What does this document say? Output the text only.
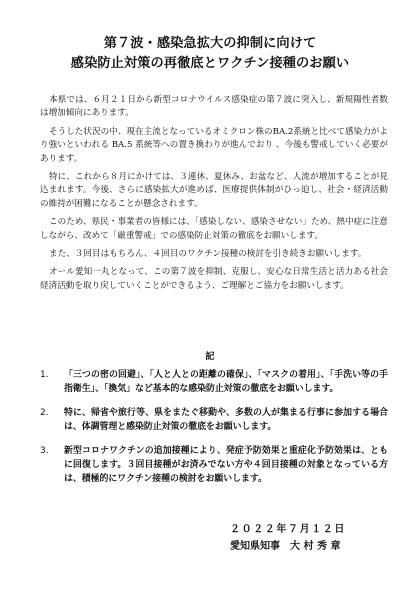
第７波・感染急拡大の抑制に向けて
感染防止対策の再徹底とワクチン接種のお願い

本県では、６月２１日から新型コロナウイルス感染症の第７波に突入し、新規陽性者数は増加傾向にあります。

そうした状況の中、現在主流となっているオミクロン株のBA.2系統と比べて感染力がより強いといわれる BA.5 系統等への置き換わりが進んでおり 、今後も警戒していく必要があります。

特に、これから８月にかけては、３連休、夏休み、お盆など、人流が増加することが見込まれます。今後、さらに感染拡大が進めば、医療提供体制がひっ迫し、社会・経済活動の維持が困難になることが懸念されます。

このため、県民・事業者の皆様には、「感染しない、感染させない」ため、熱中症に注意しながら、改めて「厳重警戒」での感染防止対策の徹底をお願いします。

また、３回目はもちろん、４回目のワクチン接種の検討を引き続きお願いします。

オール愛知一丸となって、この第７波を抑制、克服し、安心な日常生活と活力ある社会経済活動を取り戻していくことができるよう、ご理解とご協力をお願いします。

記
1.	「三つの密の回避」、「人と人との距離の確保」、「マスクの着用」、「手洗い等の手指衛生」、「換気」など基本的な感染防止対策の徹底をお願いします。
2.	特に、帰省や旅行等、県をまたぐ移動や、多数の人が集まる行事に参加する場合は、体調管理と感染防止対策の徹底をお願いします。
3.	新型コロナワクチンの追加接種により、発症予防効果と重症化予防効果は、ともに回復します。３回目接種がお済みでない方や４回目接種の対象となっている方は、積極的にワクチン接種の検討をお願いします。
２０２２年７月１２日
愛知県知事 大 村 秀 章
